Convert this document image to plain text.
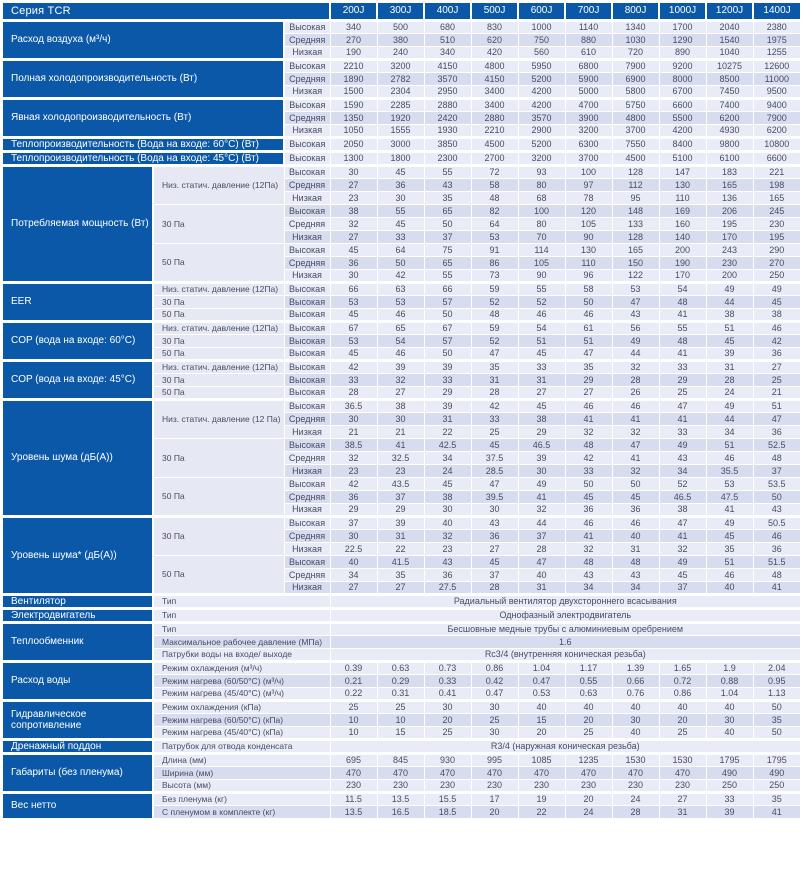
Серия TCR			200J	300J	400J	500J	600J	700J	800J	1000J	1200J	1400J
Расход воздуха (м³/ч)		Высокая	340	500	680	830	1000	1140	1340	1700	2040	2380
		Средняя	270	380	510	620	750	880	1030	1290	1540	1975
		Низкая	190	240	340	420	560	610	720	890	1040	1255
Полная холодопроизводительность (Вт)		Высокая	2210	3200	4150	4800	5950	6800	7900	9200	10275	12600
		Средняя	1890	2782	3570	4150	5200	5900	6900	8000	8500	11000
		Низкая	1500	2304	2950	3400	4200	5000	5800	6700	7450	9500
Явная холодопроизводительность (Вт)		Высокая	1590	2285	2880	3400	4200	4700	5750	6600	7400	9400
		Средняя	1350	1920	2420	2880	3570	3900	4800	5500	6200	7900
		Низкая	1050	1555	1930	2210	2900	3200	3700	4200	4930	6200
Теплопроизводительность (Вода на входе: 60°C) (Вт)		Высокая	2050	3000	3850	4500	5200	6300	7550	8400	9800	10800
Теплопроизводительность (Вода на входе: 45°C) (Вт)		Высокая	1300	1800	2300	2700	3200	3700	4500	5100	6100	6600
Потребляемая мощность (Вт)	Низ. статич. давление (12Па)	Высокая	30	45	55	72	93	100	128	147	183	221
		Средняя	27	36	43	58	80	97	112	130	165	198
		Низкая	23	30	35	48	68	78	95	110	136	165
	30 Па	Высокая	38	55	65	82	100	120	148	169	206	245
		Средняя	32	45	50	64	80	105	133	160	195	230
		Низкая	27	33	37	53	70	90	128	140	170	195
	50 Па	Высокая	45	64	75	91	114	130	165	200	243	290
		Средняя	36	50	65	86	105	110	150	190	230	270
		Низкая	30	42	55	73	90	96	122	170	200	250
EER	Низ. статич. давление (12Па)	Высокая	66	63	66	59	55	58	53	54	49	49
	30 Па	Высокая	53	53	57	52	52	50	47	48	44	45
	50 Па	Высокая	45	46	50	48	46	46	43	41	38	38
COP (вода на входе: 60°C)	Низ. статич. давление (12Па)	Высокая	67	65	67	59	54	61	56	55	51	46
	30 Па	Высокая	53	54	57	52	51	51	49	48	45	42
	50 Па	Высокая	45	46	50	47	45	47	44	41	39	36
COP (вода на входе: 45°C)	Низ. статич. давление (12Па)	Высокая	42	39	39	35	33	35	32	33	31	27
	30 Па	Высокая	33	32	33	31	31	29	28	29	28	25
	50 Па	Высокая	28	27	29	28	27	27	26	25	24	21
Уровень шума (дБ(А))	Низ. статич. давление (12 Па)	Высокая	36.5	38	39	42	45	46	46	47	49	51
		Средняя	30	30	31	33	38	41	41	41	44	47
		Низкая	21	21	22	25	29	32	32	33	34	36
	30 Па	Высокая	38.5	41	42.5	45	46.5	48	47	49	51	52.5
		Средняя	32	32.5	34	37.5	39	42	41	43	46	48
		Низкая	23	23	24	28.5	30	33	32	34	35.5	37
	50 Па	Высокая	42	43.5	45	47	49	50	50	52	53	53.5
		Средняя	36	37	38	39.5	41	45	45	46.5	47.5	50
		Низкая	29	29	30	30	32	36	36	38	41	43
Уровень шума* (дБ(А))	30 Па	Высокая	37	39	40	43	44	46	46	47	49	50.5
		Средняя	30	31	32	36	37	41	40	41	45	46
		Низкая	22.5	22	23	27	28	32	31	32	35	36
	50 Па	Высокая	40	41.5	43	45	47	48	48	49	51	51.5
		Средняя	34	35	36	37	40	43	43	45	46	48
		Низкая	27	27	27.5	28	31	34	34	37	40	41
Вентилятор	Тип		Радиальный вентилятор двухстороннего всасывания									
Электродвигатель	Тип		Однофазный электродвигатель									
Теплообменник	Тип		Бесшовные медные трубы с алюминиевым оребрением									
	Максимальное рабочее давление (МПа)		1.6									
	Патрубки воды на входе/ выходе		Rc3/4 (внутренняя коническая резьба)									
Расход воды	Режим охлаждения (м³/ч)		0.39	0.63	0.73	0.86	1.04	1.17	1.39	1.65	1.9	2.04
	Режим нагрева (60/50°C) (м³/ч)		0.21	0.29	0.33	0.42	0.47	0.55	0.66	0.72	0.88	0.95
	Режим нагрева (45/40°C) (м³/ч)		0.22	0.31	0.41	0.47	0.53	0.63	0.76	0.86	1.04	1.13
Гидравлическое сопротивление	Режим охлаждения (кПа)		25	25	30	30	40	40	40	40	40	50
	Режим нагрева (60/50°C) (кПа)		10	10	20	25	15	20	30	20	30	35
	Режим нагрева (45/40°C) (кПа)		10	15	25	30	20	25	40	25	40	50
Дренажный поддон	Патрубок для отвода конденсата		R3/4 (наружная коническая резьба)									
Габариты (без пленума)	Длина (мм)		695	845	930	995	1085	1235	1530	1530	1795	1795
	Ширина (мм)		470	470	470	470	470	470	470	470	490	490
	Высота (мм)		230	230	230	230	230	230	230	230	250	250
Вес нетто	Без пленума (кг)		11.5	13.5	15.5	17	19	20	24	27	33	35
	С пленумом в комплекте (кг)		13.5	16.5	18.5	20	22	24	28	31	39	41
